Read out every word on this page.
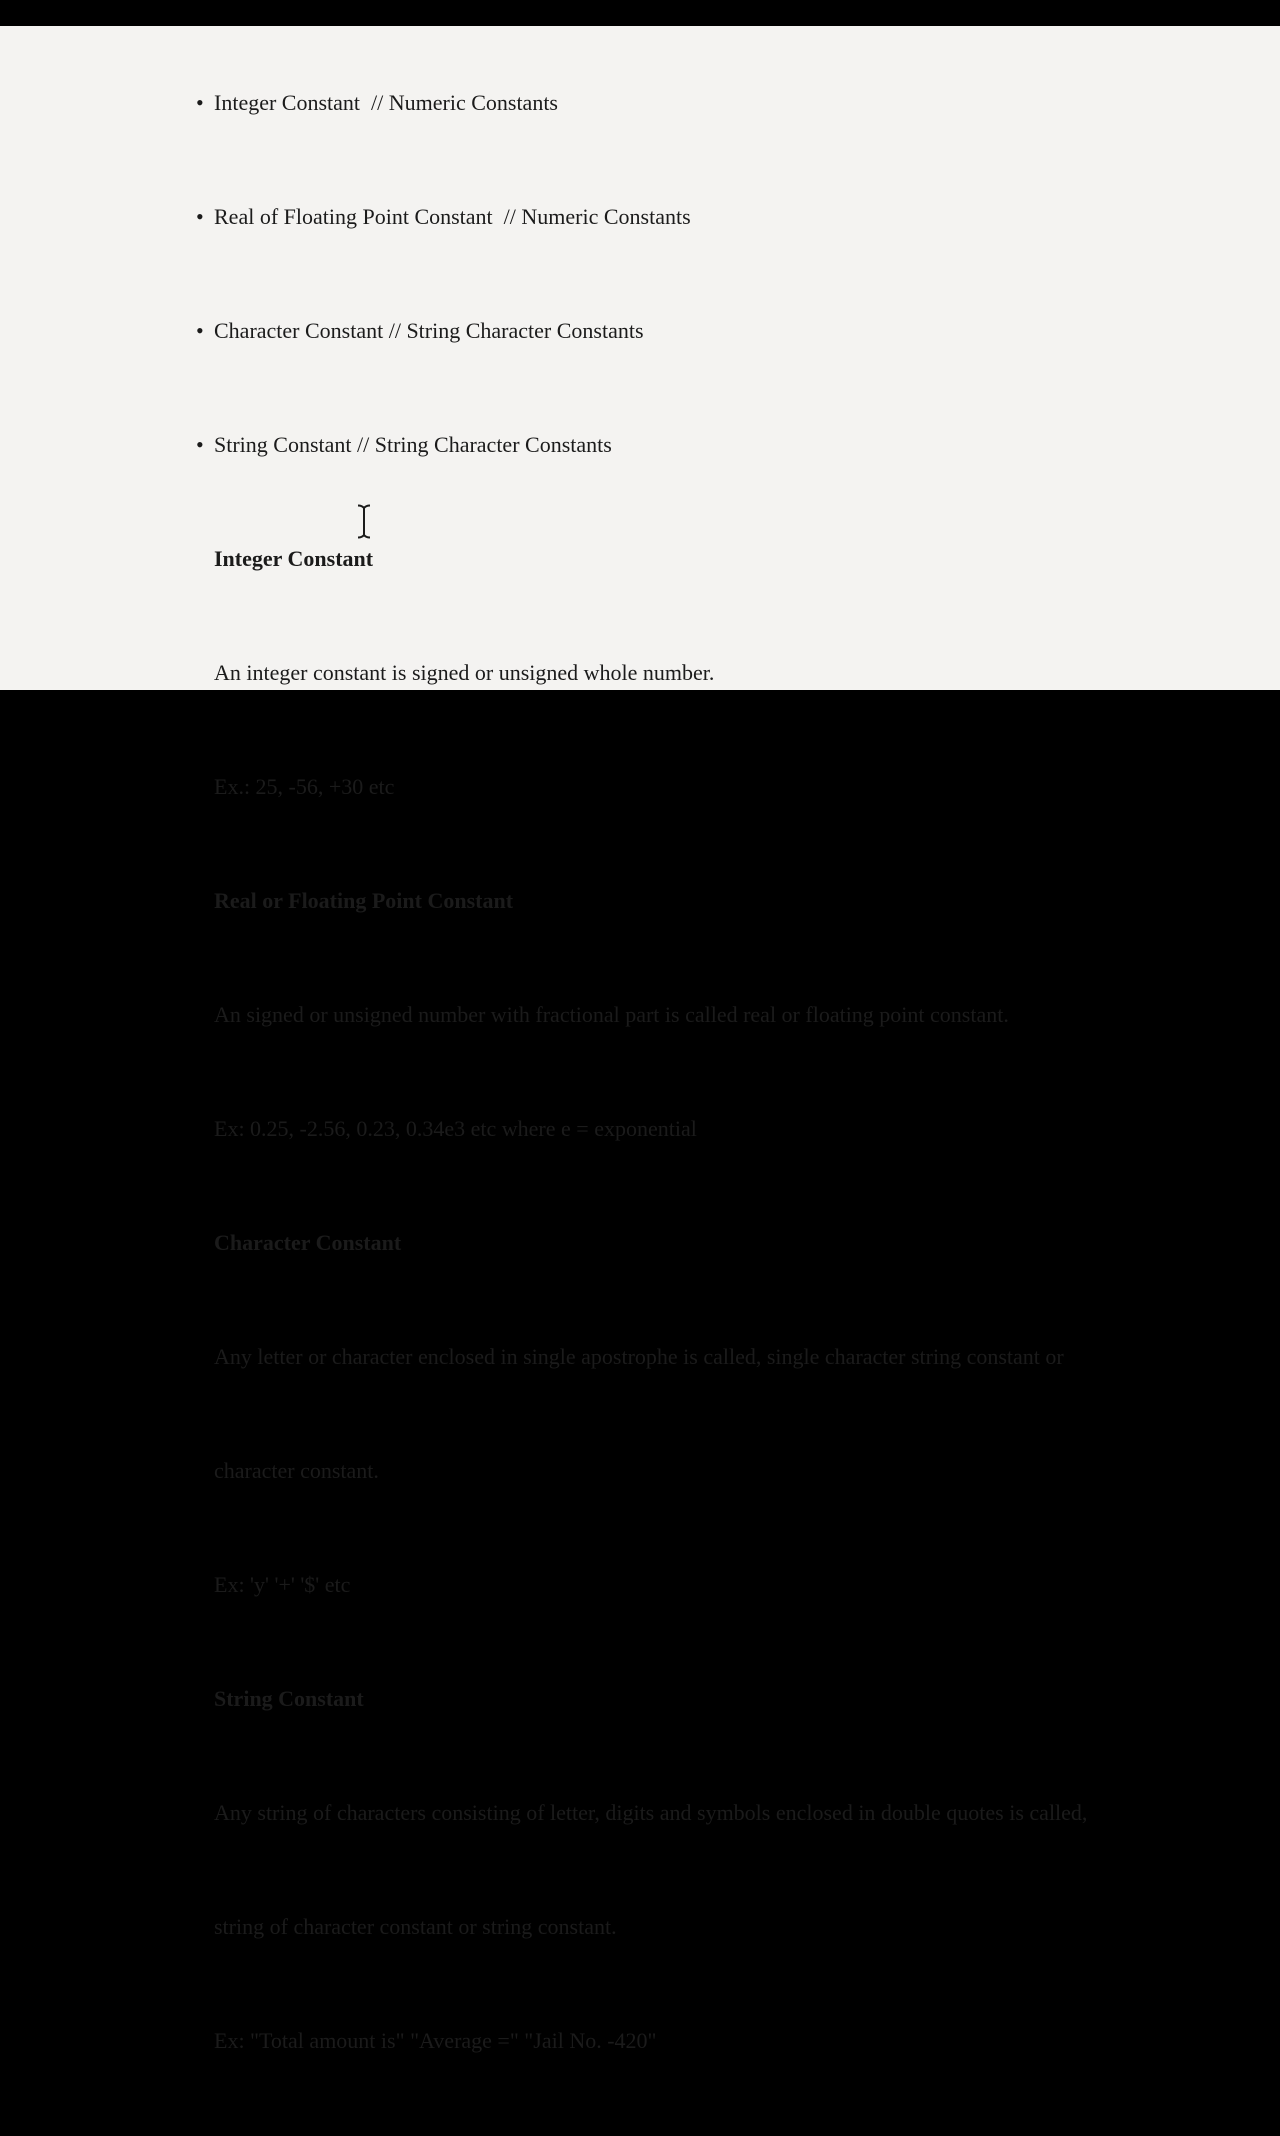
• Integer Constant  // Numeric Constants

• Real of Floating Point Constant  // Numeric Constants

• Character Constant // String Character Constants

• String Constant // String Character Constants

Integer Constant

An integer constant is signed or unsigned whole number.

Ex.: 25, -56, +30 etc

Real or Floating Point Constant

An signed or unsigned number with fractional part is called real or floating point constant.

Ex: 0.25, -2.56, 0.23, 0.34e3 etc where e = exponential

Character Constant

Any letter or character enclosed in single apostrophe is called, single character string constant or

character constant.

Ex: 'y' '+' '$' etc

String Constant

Any string of characters consisting of letter, digits and symbols enclosed in double quotes is called,

string of character constant or string constant.

Ex: "Total amount is" "Average =" "Jail No. -420"
